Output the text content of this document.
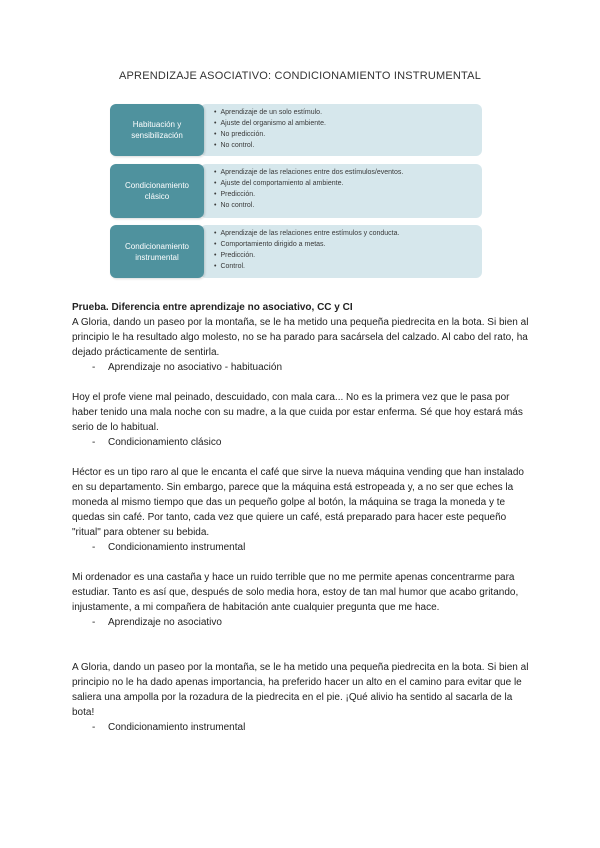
APRENDIZAJE ASOCIATIVO: CONDICIONAMIENTO INSTRUMENTAL
Habituación y sensibilización
• Aprendizaje de un solo estímulo.
• Ajuste del organismo al ambiente.
• No predicción.
• No control.
Condicionamiento clásico
• Aprendizaje de las relaciones entre dos estímulos/eventos.
• Ajuste del comportamiento al ambiente.
• Predicción.
• No control.
Condicionamiento instrumental
• Aprendizaje de las relaciones entre estímulos y conducta.
• Comportamiento dirigido a metas.
• Predicción.
• Control.

Prueba. Diferencia entre aprendizaje no asociativo, CC y CI

A Gloria, dando un paseo por la montaña, se le ha metido una pequeña piedrecita en la bota. Si bien al principio le ha resultado algo molesto, no se ha parado para sacársela del calzado. Al cabo del rato, ha dejado prácticamente de sentirla.

- Aprendizaje no asociativo - habituación

Hoy el profe viene mal peinado, descuidado, con mala cara... No es la primera vez que le pasa por haber tenido una mala noche con su madre, a la que cuida por estar enferma. Sé que hoy estará más serio de lo habitual.

- Condicionamiento clásico

Héctor es un tipo raro al que le encanta el café que sirve la nueva máquina vending que han instalado en su departamento. Sin embargo, parece que la máquina está estropeada y, a no ser que eches la moneda al mismo tiempo que das un pequeño golpe al botón, la máquina se traga la moneda y te quedas sin café. Por tanto, cada vez que quiere un café, está preparado para hacer este pequeño "ritual" para obtener su bebida.

- Condicionamiento instrumental

Mi ordenador es una castaña y hace un ruido terrible que no me permite apenas concentrarme para estudiar. Tanto es así que, después de solo media hora, estoy de tan mal humor que acabo gritando, injustamente, a mi compañera de habitación ante cualquier pregunta que me hace.

- Aprendizaje no asociativo

A Gloria, dando un paseo por la montaña, se le ha metido una pequeña piedrecita en la bota. Si bien al principio no le ha dado apenas importancia, ha preferido hacer un alto en el camino para evitar que le saliera una ampolla por la rozadura de la piedrecita en el pie. ¡Qué alivio ha sentido al sacarla de la bota!

- Condicionamiento instrumental
